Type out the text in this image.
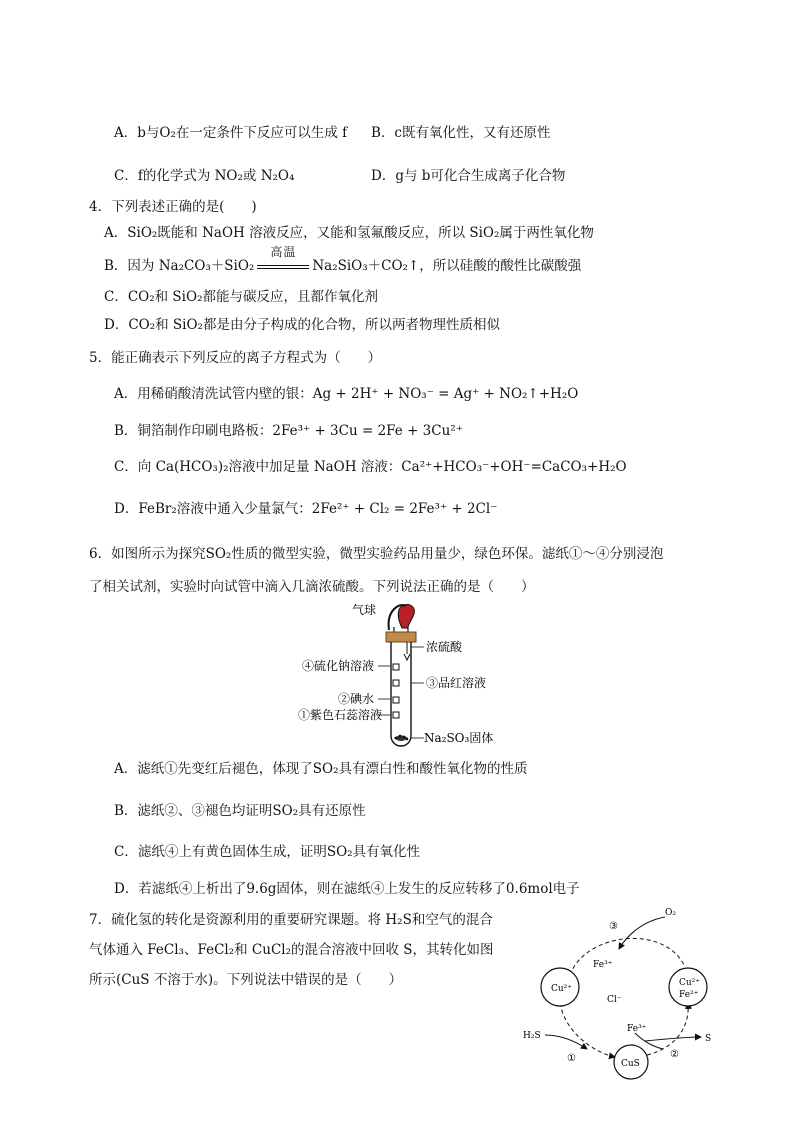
A．b与O₂在一定条件下反应可以生成 f B．c既有氧化性，又有还原性
C．f的化学式为 NO₂或 N₂O₄	D．g与 b可化合生成离子化合物
4．下列表述正确的是(　　)
A．SiO₂既能和 NaOH 溶液反应，又能和氢氟酸反应，所以 SiO₂属于两性氧化物
B．因为 Na₂CO₃＋SiO₂
高温
Na₂SiO₃＋CO₂↑，所以硅酸的酸性比碳酸强
C．CO₂和 SiO₂都能与碳反应，且都作氧化剂
D．CO₂和 SiO₂都是由分子构成的化合物，所以两者物理性质相似
5．能正确表示下列反应的离子方程式为（　　）
A．用稀硝酸清洗试管内壁的银：Ag + 2H⁺ + NO₃⁻ = Ag⁺ + NO₂↑+H₂O
B．铜箔制作印刷电路板：2Fe³⁺ + 3Cu = 2Fe + 3Cu²⁺
C．向 Ca(HCO₃)₂溶液中加足量 NaOH 溶液：Ca²⁺+HCO₃⁻+OH⁻=CaCO₃+H₂O
D．FeBr₂溶液中通入少量氯气：2Fe²⁺ + Cl₂ = 2Fe³⁺ + 2Cl⁻
6．如图所示为探究SO₂性质的微型实验，微型实验药品用量少，绿色环保。滤纸①～④分别浸泡
了相关试剂，实验时向试管中滴入几滴浓硫酸。下列说法正确的是（　　）
气球
浓硫酸
④硫化钠溶液
③品红溶液
②碘水
①紫色石蕊溶液
Na₂SO₃固体
A．滤纸①先变红后褪色，体现了SO₂具有漂白性和酸性氧化物的性质
B．滤纸②、③褪色均证明SO₂具有还原性
C．滤纸④上有黄色固体生成，证明SO₂具有氧化性
D．若滤纸④上析出了9.6g固体，则在滤纸④上发生的反应转移了0.6mol电子
7．硫化氢的转化是资源利用的重要研究课题。将 H₂S和空气的混合
气体通入 FeCl₃、FeCl₂和 CuCl₂的混合溶液中回收 S，其转化如图
所示(CuS 不溶于水)。下列说法中错误的是（　　）
O₂
③
Fe³⁺
Cu²⁺
Cl⁻
Cu²⁺
Fe²⁺
Fe³⁺
S
H₂S
①	CuS
②
